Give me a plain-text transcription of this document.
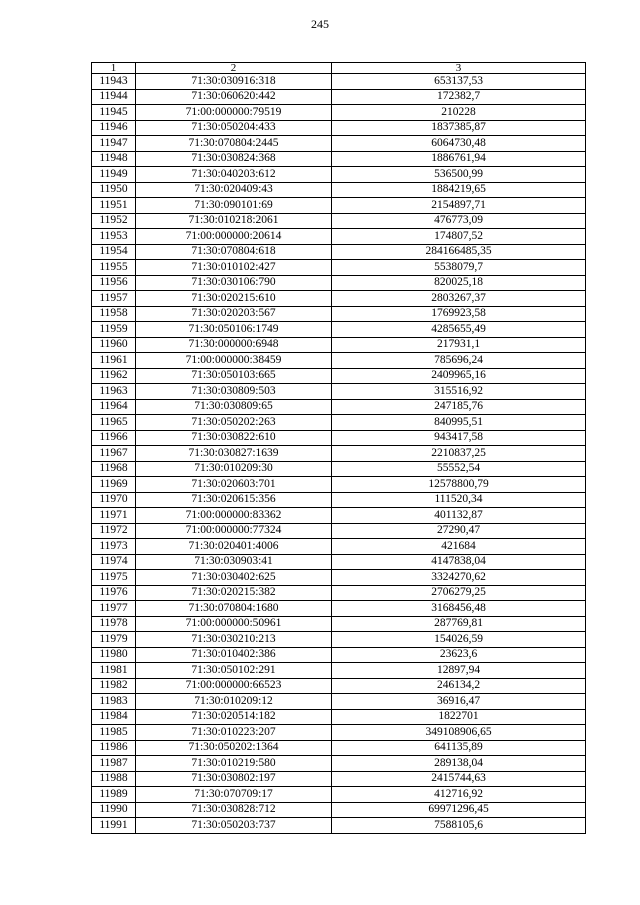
245
1	2	3
11943	71:30:030916:318	653137,53
11944	71:30:060620:442	172382,7
11945	71:00:000000:79519	210228
11946	71:30:050204:433	1837385,87
11947	71:30:070804:2445	6064730,48
11948	71:30:030824:368	1886761,94
11949	71:30:040203:612	536500,99
11950	71:30:020409:43	1884219,65
11951	71:30:090101:69	2154897,71
11952	71:30:010218:2061	476773,09
11953	71:00:000000:20614	174807,52
11954	71:30:070804:618	284166485,35
11955	71:30:010102:427	5538079,7
11956	71:30:030106:790	820025,18
11957	71:30:020215:610	2803267,37
11958	71:30:020203:567	1769923,58
11959	71:30:050106:1749	4285655,49
11960	71:30:000000:6948	217931,1
11961	71:00:000000:38459	785696,24
11962	71:30:050103:665	2409965,16
11963	71:30:030809:503	315516,92
11964	71:30:030809:65	247185,76
11965	71:30:050202:263	840995,51
11966	71:30:030822:610	943417,58
11967	71:30:030827:1639	2210837,25
11968	71:30:010209:30	55552,54
11969	71:30:020603:701	12578800,79
11970	71:30:020615:356	111520,34
11971	71:00:000000:83362	401132,87
11972	71:00:000000:77324	27290,47
11973	71:30:020401:4006	421684
11974	71:30:030903:41	4147838,04
11975	71:30:030402:625	3324270,62
11976	71:30:020215:382	2706279,25
11977	71:30:070804:1680	3168456,48
11978	71:00:000000:50961	287769,81
11979	71:30:030210:213	154026,59
11980	71:30:010402:386	23623,6
11981	71:30:050102:291	12897,94
11982	71:00:000000:66523	246134,2
11983	71:30:010209:12	36916,47
11984	71:30:020514:182	1822701
11985	71:30:010223:207	349108906,65
11986	71:30:050202:1364	641135,89
11987	71:30:010219:580	289138,04
11988	71:30:030802:197	2415744,63
11989	71:30:070709:17	412716,92
11990	71:30:030828:712	69971296,45
11991	71:30:050203:737	7588105,6
